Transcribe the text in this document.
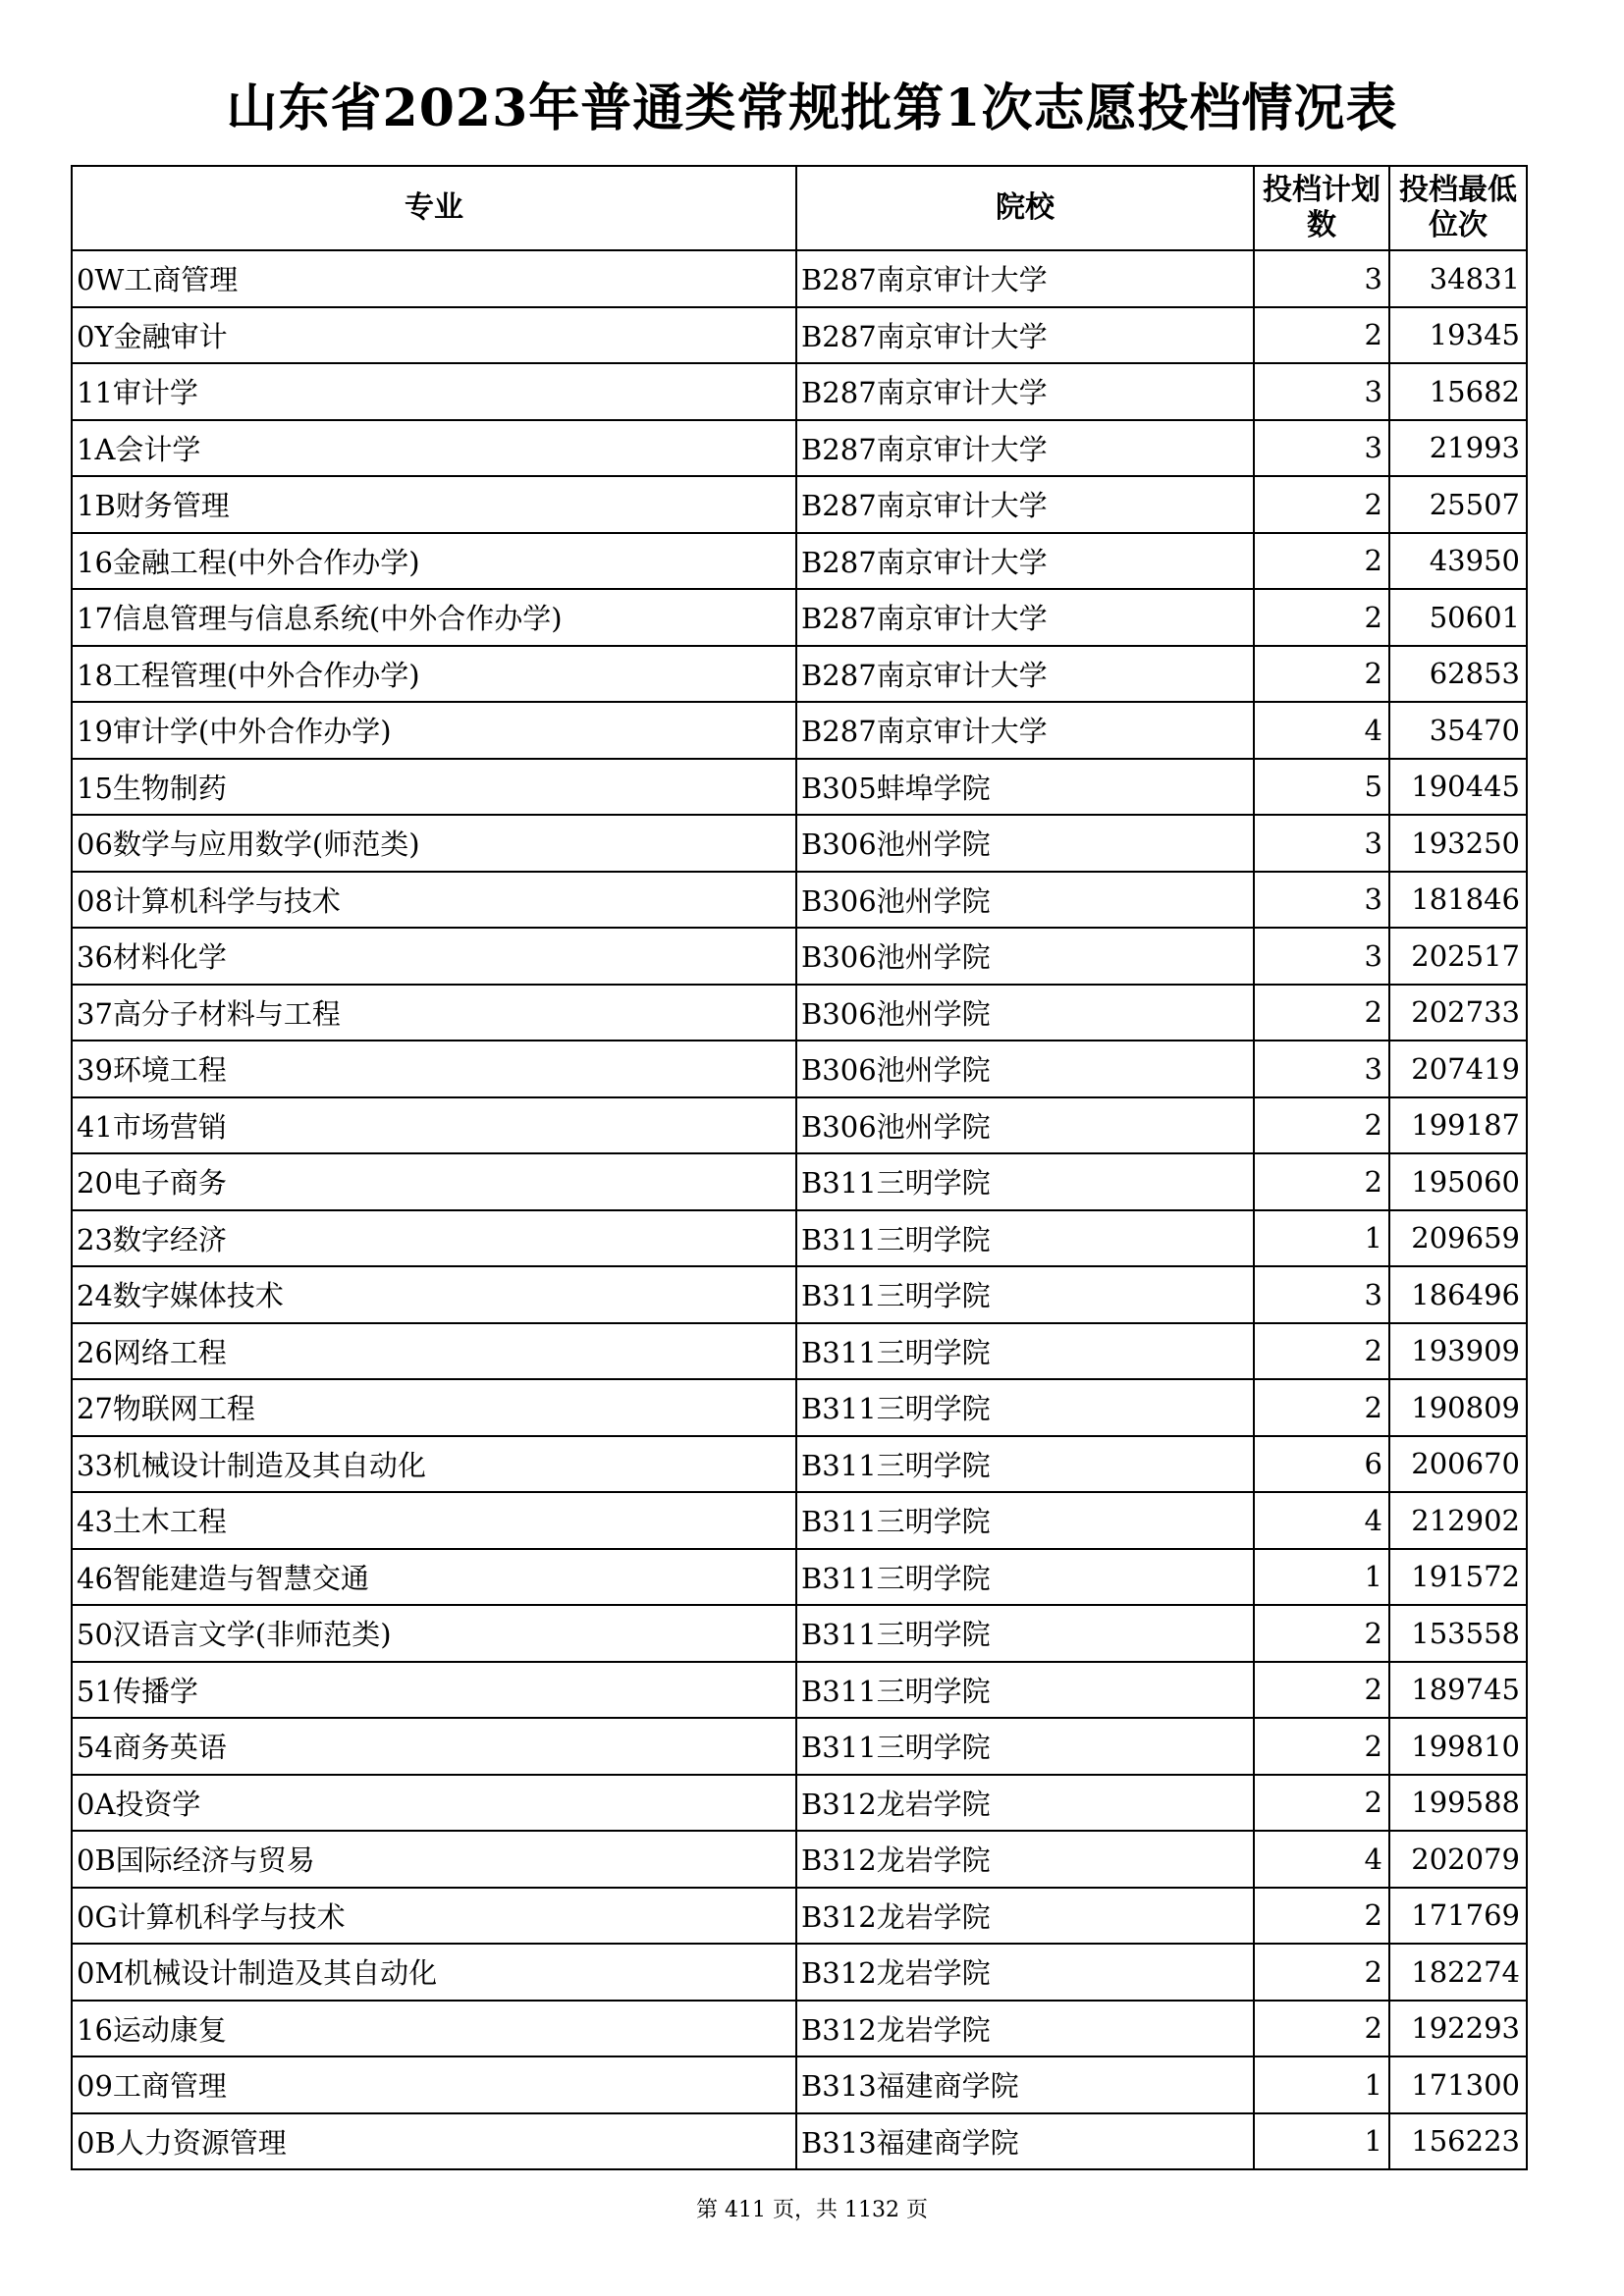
山东省2023年普通类常规批第1次志愿投档情况表
专业	院校	投档计划数	投档最低位次
0W工商管理	B287南京审计大学	3	34831
0Y金融审计	B287南京审计大学	2	19345
11审计学	B287南京审计大学	3	15682
1A会计学	B287南京审计大学	3	21993
1B财务管理	B287南京审计大学	2	25507
16金融工程(中外合作办学)	B287南京审计大学	2	43950
17信息管理与信息系统(中外合作办学)	B287南京审计大学	2	50601
18工程管理(中外合作办学)	B287南京审计大学	2	62853
19审计学(中外合作办学)	B287南京审计大学	4	35470
15生物制药	B305蚌埠学院	5	190445
06数学与应用数学(师范类)	B306池州学院	3	193250
08计算机科学与技术	B306池州学院	3	181846
36材料化学	B306池州学院	3	202517
37高分子材料与工程	B306池州学院	2	202733
39环境工程	B306池州学院	3	207419
41市场营销	B306池州学院	2	199187
20电子商务	B311三明学院	2	195060
23数字经济	B311三明学院	1	209659
24数字媒体技术	B311三明学院	3	186496
26网络工程	B311三明学院	2	193909
27物联网工程	B311三明学院	2	190809
33机械设计制造及其自动化	B311三明学院	6	200670
43土木工程	B311三明学院	4	212902
46智能建造与智慧交通	B311三明学院	1	191572
50汉语言文学(非师范类)	B311三明学院	2	153558
51传播学	B311三明学院	2	189745
54商务英语	B311三明学院	2	199810
0A投资学	B312龙岩学院	2	199588
0B国际经济与贸易	B312龙岩学院	4	202079
0G计算机科学与技术	B312龙岩学院	2	171769
0M机械设计制造及其自动化	B312龙岩学院	2	182274
16运动康复	B312龙岩学院	2	192293
09工商管理	B313福建商学院	1	171300
0B人力资源管理	B313福建商学院	1	156223
第 411 页，共 1132 页
